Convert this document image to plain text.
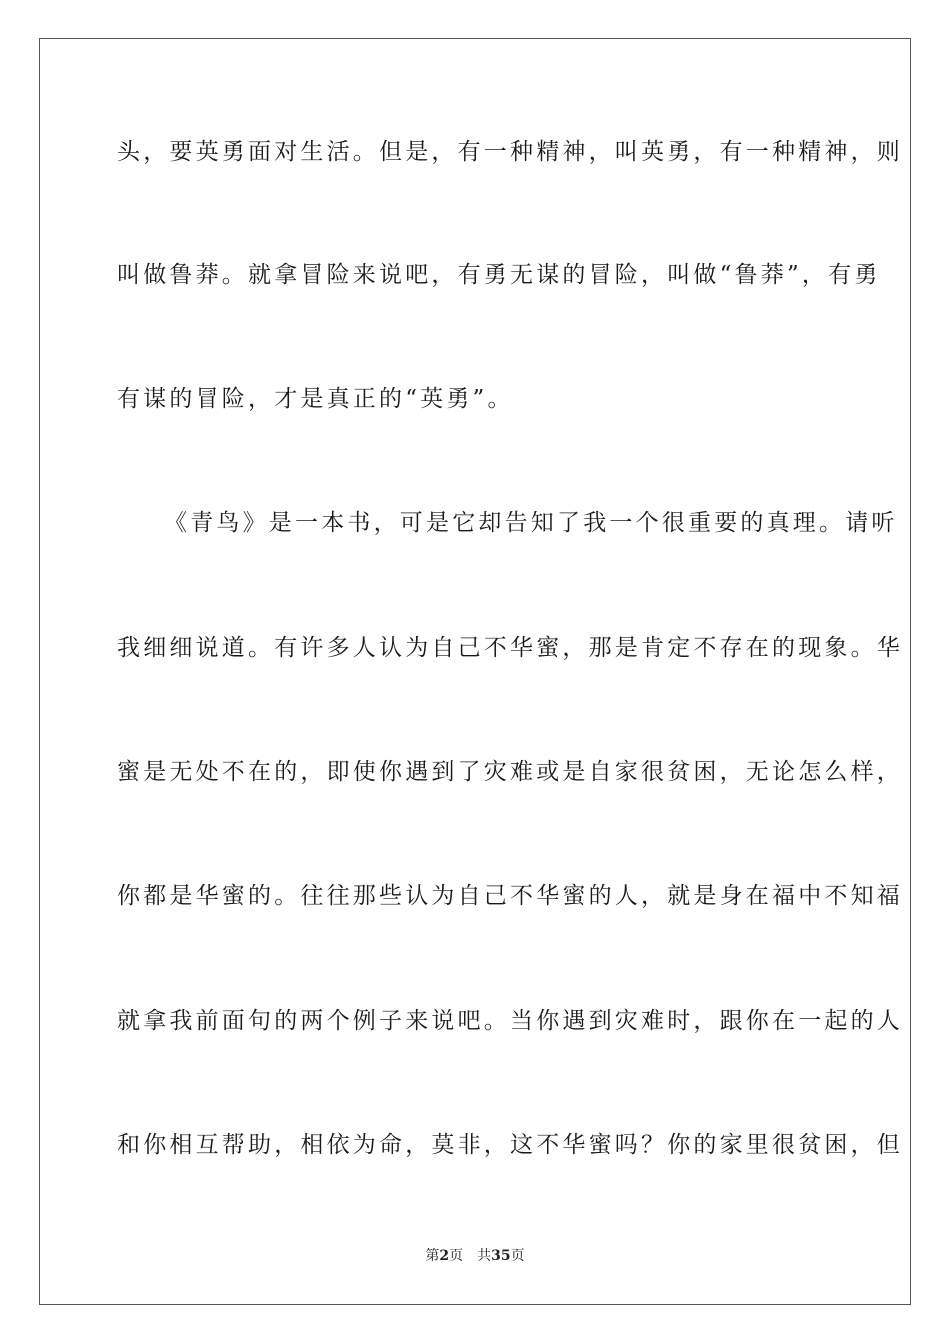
头，要英勇面对生活。但是，有一种精神，叫英勇，有一种精神，则
叫做鲁莽。就拿冒险来说吧，有勇无谋的冒险，叫做“鲁莽”，有勇
有谋的冒险，才是真正的“英勇”。
《青鸟》是一本书，可是它却告知了我一个很重要的真理。请听
我细细说道。有许多人认为自己不华蜜，那是肯定不存在的现象。华
蜜是无处不在的，即使你遇到了灾难或是自家很贫困，无论怎么样，
你都是华蜜的。往往那些认为自己不华蜜的人，就是身在福中不知福
就拿我前面句的两个例子来说吧。当你遇到灾难时，跟你在一起的人
和你相互帮助，相依为命，莫非，这不华蜜吗？你的家里很贫困，但
第2页 共35页
